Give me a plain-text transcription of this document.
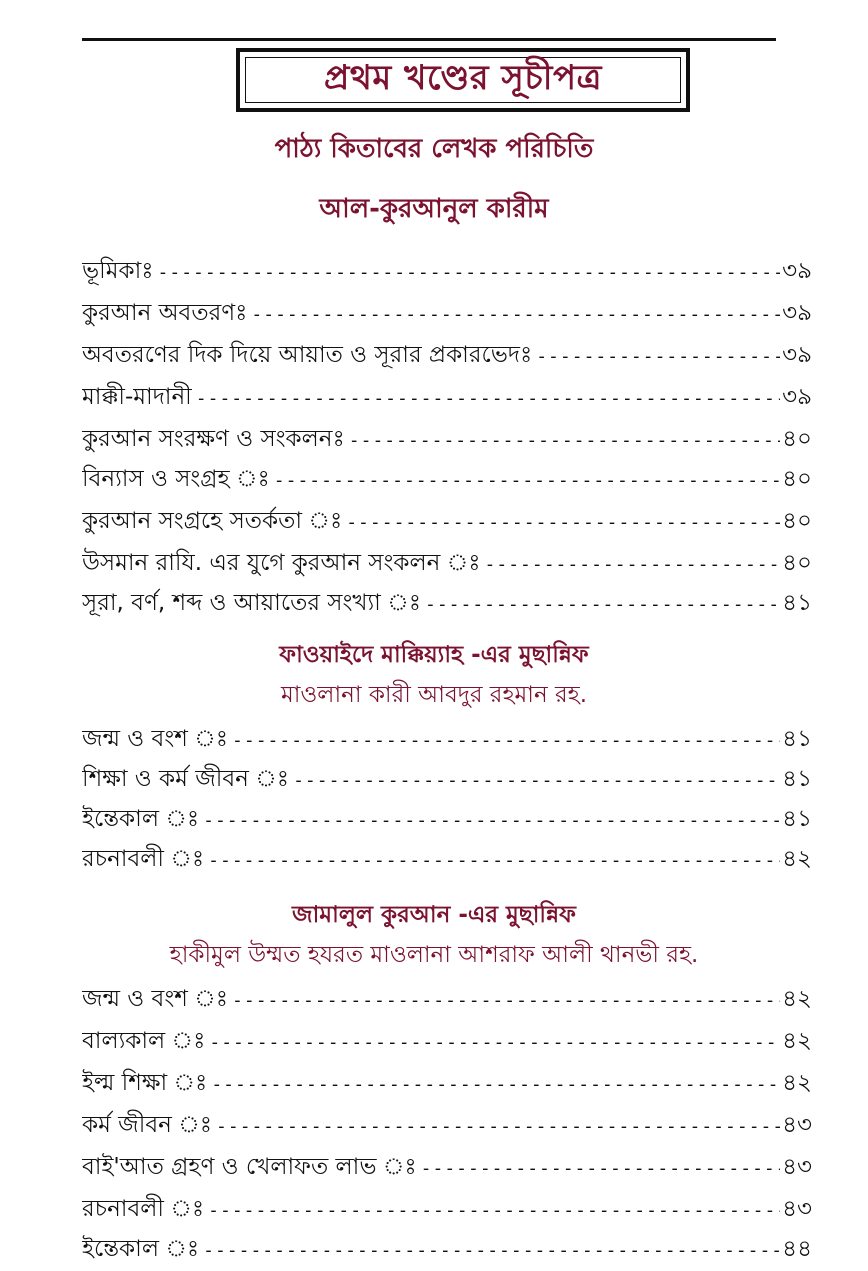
প্রথম খণ্ডের সূচীপত্র
পাঠ্য কিতাবের লেখক পরিচিতি
আল-কুরআনুল কারীম
ভূমিকাঃ -----	৩৯
কুরআন অবতরণঃ -----	৩৯
অবতরণের দিক দিয়ে আয়াত ও সূরার প্রকারভেদঃ -----	৩৯
মাক্কী-মাদানী -----	৩৯
কুরআন সংরক্ষণ ও সংকলনঃ -----	৪০
বিন্যাস ও সংগ্রহ ঃ -----	৪০
কুরআন সংগ্রহে সতর্কতা ঃ -----	৪০
উসমান রাযি. এর যুগে কুরআন সংকলন ঃ -----	৪০
সূরা, বর্ণ, শব্দ ও আয়াতের সংখ্যা ঃ -----	৪১
ফাওয়াইদে মাক্কিয়্যাহ -এর মুছান্নিফ
মাওলানা কারী আবদুর রহমান রহ.
জন্ম ও বংশ ঃ -----	৪১
শিক্ষা ও কর্ম জীবন ঃ -----	৪১
ইন্তেকাল ঃ -----	৪১
রচনাবলী ঃ -----	৪২
জামালুল কুরআন -এর মুছান্নিফ
হাকীমুল উম্মত হযরত মাওলানা আশরাফ আলী থানভী রহ.
জন্ম ও বংশ ঃ -----	৪২
বাল্যকাল ঃ -----	৪২
ইল্ম শিক্ষা ঃ -----	৪২
কর্ম জীবন ঃ -----	৪৩
বাই'আত গ্রহণ ও খেলাফত লাভ ঃ -----	৪৩
রচনাবলী ঃ -----	৪৩
ইন্তেকাল ঃ -----	৪৪
